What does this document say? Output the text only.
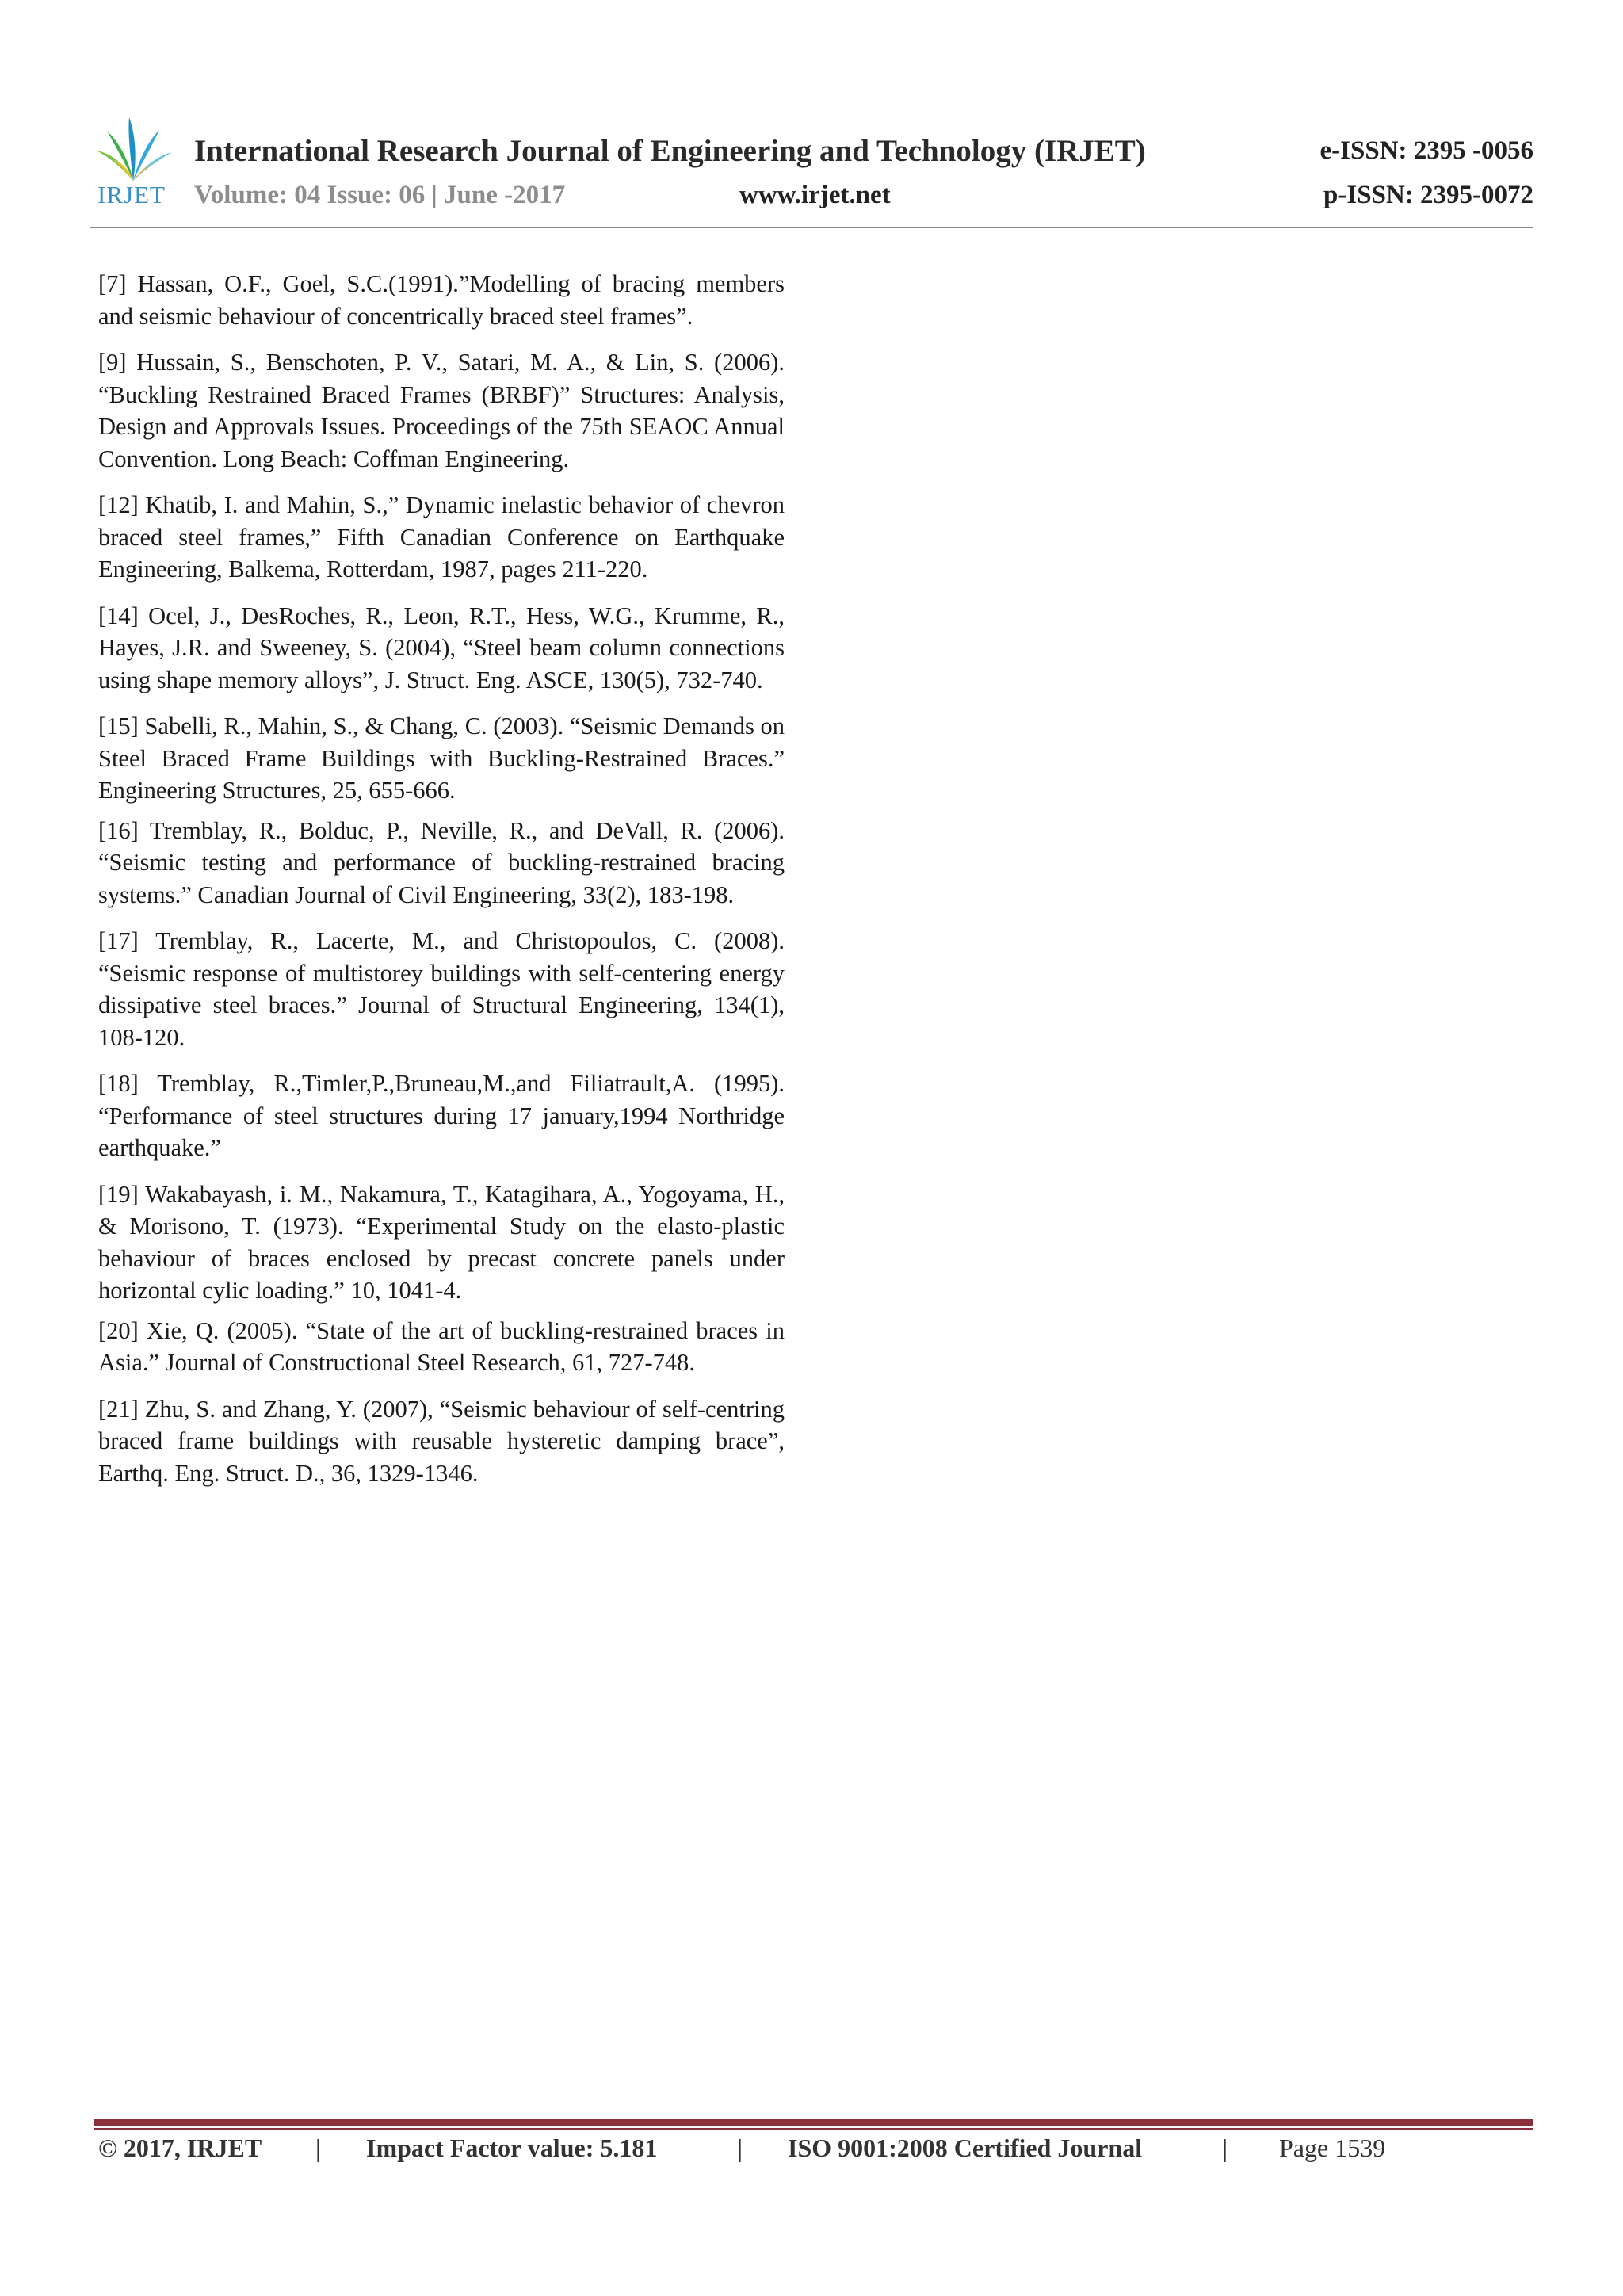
IRJET
International Research Journal of Engineering and Technology (IRJET)	e-ISSN: 2395 -0056
Volume: 04 Issue: 06 | June -2017	www.irjet.net	p-ISSN: 2395-0072

[7] Hassan, O.F., Goel, S.C.(1991).”Modelling of bracing members and seismic behaviour of concentrically braced steel frames”.

[9] Hussain, S., Benschoten, P. V., Satari, M. A., & Lin, S. (2006). “Buckling Restrained Braced Frames (BRBF)” Structures: Analysis, Design and Approvals Issues. Proceedings of the 75th SEAOC Annual Convention. Long Beach: Coffman Engineering.

[12] Khatib, I. and Mahin, S.,” Dynamic inelastic behavior of chevron braced steel frames,” Fifth Canadian Conference on Earthquake Engineering, Balkema, Rotterdam, 1987, pages 211-220.

[14] Ocel, J., DesRoches, R., Leon, R.T., Hess, W.G., Krumme, R., Hayes, J.R. and Sweeney, S. (2004), “Steel beam column connections using shape memory alloys”, J. Struct. Eng. ASCE, 130(5), 732-740.

[15] Sabelli, R., Mahin, S., & Chang, C. (2003). “Seismic Demands on Steel Braced Frame Buildings with Buckling-Restrained Braces.” Engineering Structures, 25, 655-666.

[16] Tremblay, R., Bolduc, P., Neville, R., and DeVall, R. (2006). “Seismic testing and performance of buckling-restrained bracing systems.” Canadian Journal of Civil Engineering, 33(2), 183-198.

[17] Tremblay, R., Lacerte, M., and Christopoulos, C. (2008). “Seismic response of multistorey buildings with self-centering energy dissipative steel braces.” Journal of Structural Engineering, 134(1), 108-120.

[18] Tremblay, R.,Timler,P.,Bruneau,M.,and Filiatrault,A. (1995). “Performance of steel structures during 17 january,1994 Northridge earthquake.”

[19] Wakabayash, i. M., Nakamura, T., Katagihara, A., Yogoyama, H., & Morisono, T. (1973). “Experimental Study on the elasto-plastic behaviour of braces enclosed by precast concrete panels under horizontal cylic loading.” 10, 1041-4.

[20] Xie, Q. (2005). “State of the art of buckling-restrained braces in Asia.” Journal of Constructional Steel Research, 61, 727-748.

[21] Zhu, S. and Zhang, Y. (2007), “Seismic behaviour of self-centring braced frame buildings with reusable hysteretic damping brace”, Earthq. Eng. Struct. D., 36, 1329-1346.

© 2017, IRJET | Impact Factor value: 5.181	| ISO 9001:2008 Certified Journal	| Page 1539
